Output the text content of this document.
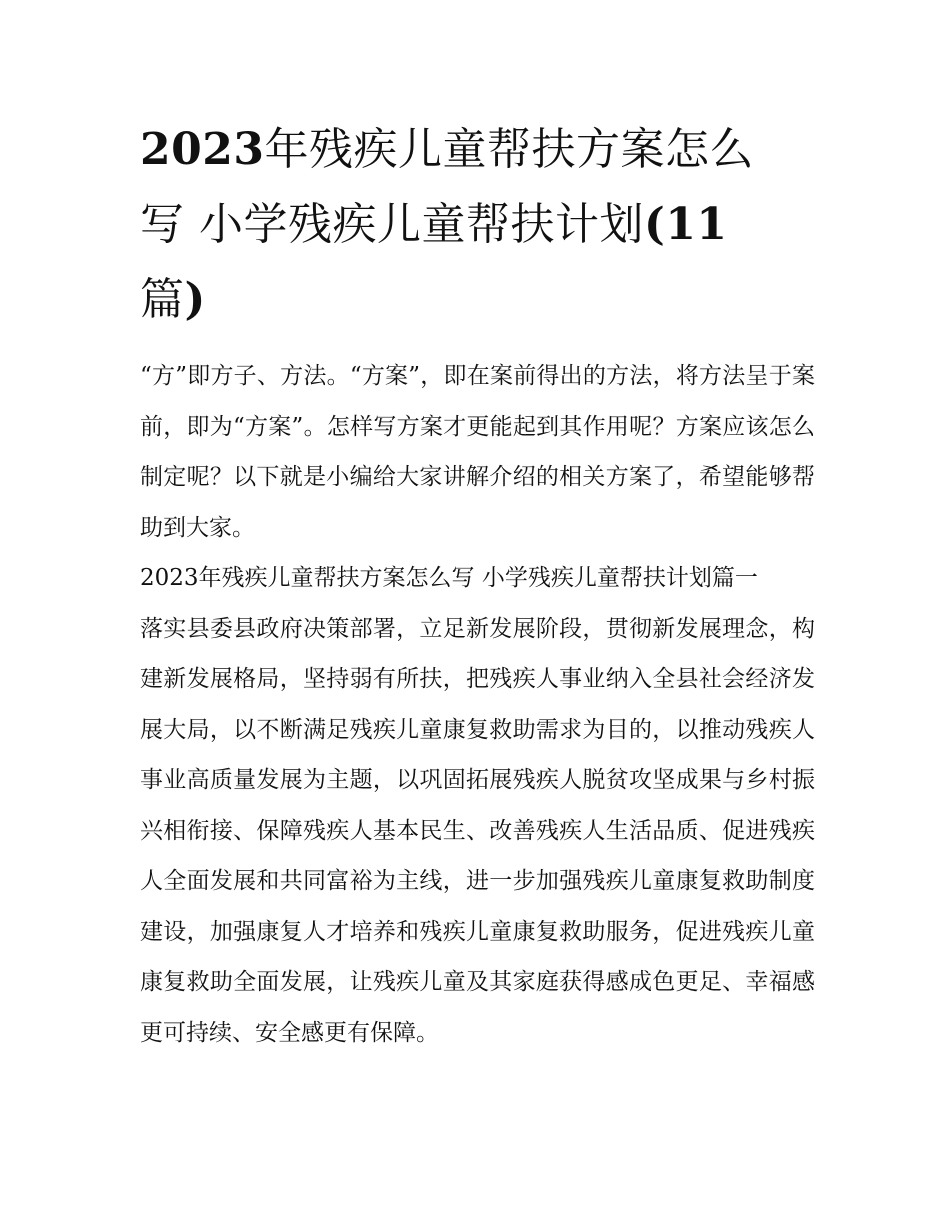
2023年残疾儿童帮扶方案怎么
写 小学残疾儿童帮扶计划(11
篇)

“方”即方子、方法。“方案”，即在案前得出的方法，将方法呈于案前，即为“方案”。怎样写方案才更能起到其作用呢？方案应该怎么制定呢？以下就是小编给大家讲解介绍的相关方案了，希望能够帮助到大家。

2023年残疾儿童帮扶方案怎么写 小学残疾儿童帮扶计划篇一

落实县委县政府决策部署，立足新发展阶段，贯彻新发展理念，构建新发展格局，坚持弱有所扶，把残疾人事业纳入全县社会经济发展大局，以不断满足残疾儿童康复救助需求为目的，以推动残疾人事业高质量发展为主题，以巩固拓展残疾人脱贫攻坚成果与乡村振兴相衔接、保障残疾人基本民生、改善残疾人生活品质、促进残疾人全面发展和共同富裕为主线，进一步加强残疾儿童康复救助制度建设，加强康复人才培养和残疾儿童康复救助服务，促进残疾儿童康复救助全面发展，让残疾儿童及其家庭获得感成色更足、幸福感更可持续、安全感更有保障。
